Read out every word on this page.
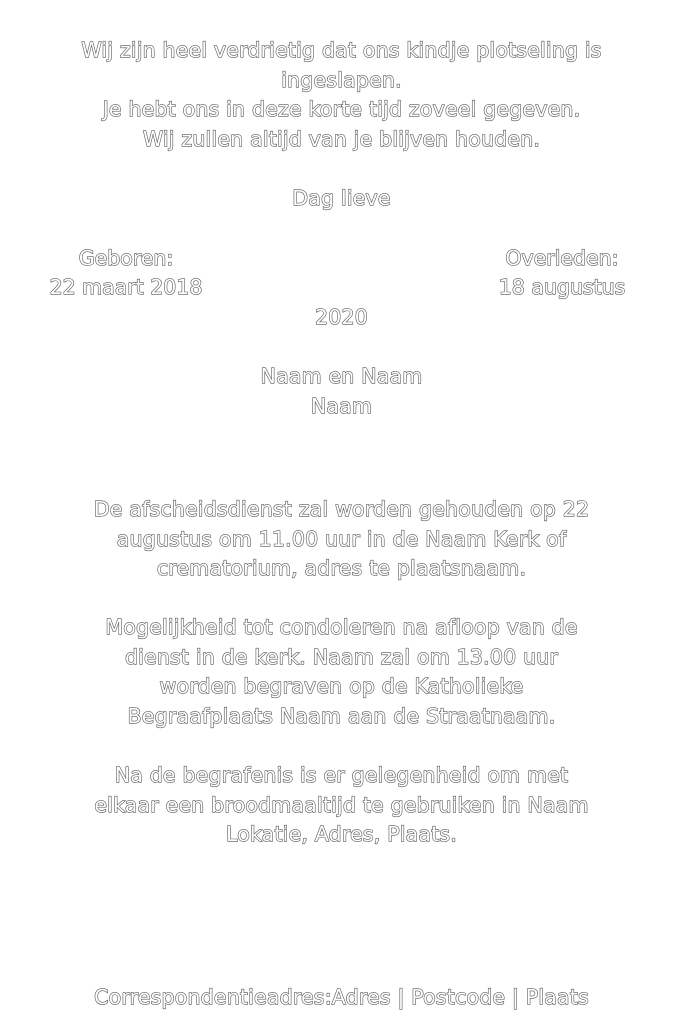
Wij zijn heel verdrietig dat ons kindje plotseling is
ingeslapen.
Je hebt ons in deze korte tijd zoveel gegeven.
Wij zullen altijd van je blijven houden.
Dag lieve
Geboren:
22 maart 2018
Overleden:
18 augustus
2020
Naam en Naam
Naam
De afscheidsdienst zal worden gehouden op 22
augustus om 11.00 uur in de Naam Kerk of
crematorium, adres te plaatsnaam.
Mogelijkheid tot condoleren na afloop van de
dienst in de kerk. Naam zal om 13.00 uur
worden begraven op de Katholieke
Begraafplaats Naam aan de Straatnaam.
Na de begrafenis is er gelegenheid om met
elkaar een broodmaaltijd te gebruiken in Naam
Lokatie, Adres, Plaats.
Correspondentieadres:Adres | Postcode | Plaats
